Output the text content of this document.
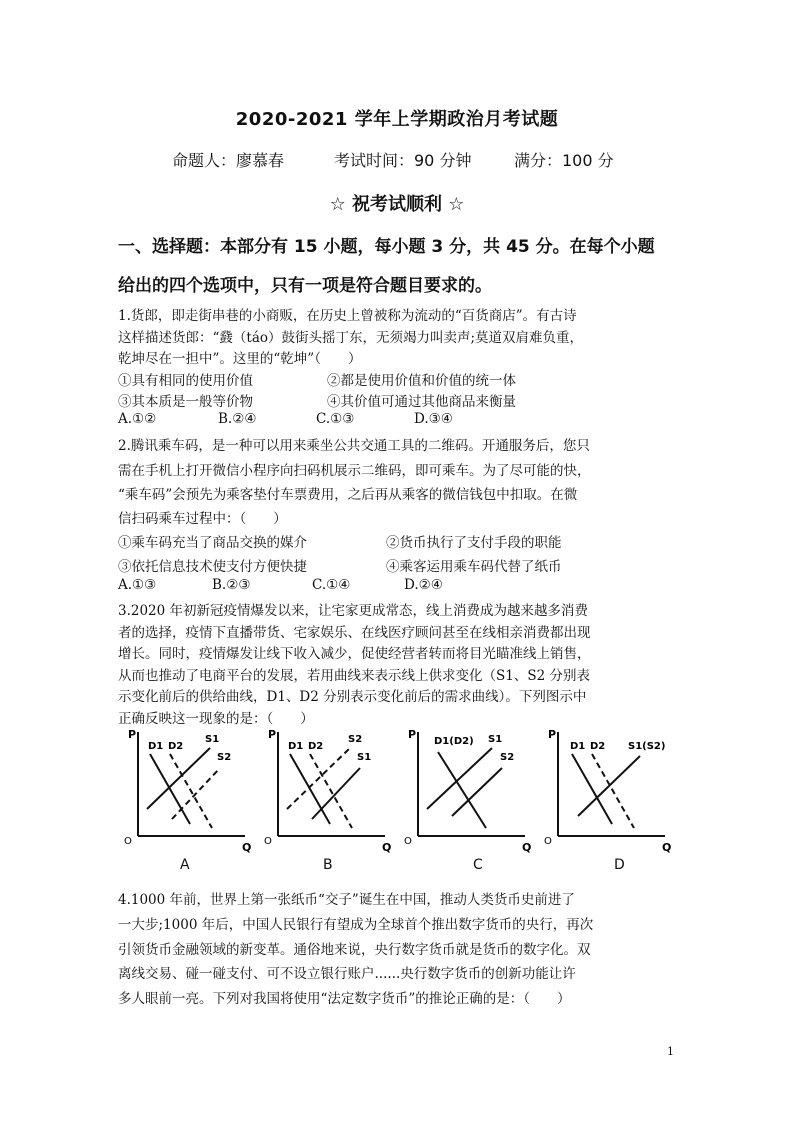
2020-2021 学年上学期政治月考试题
命题人：廖慕春	考试时间：90 分钟	满分：100 分
☆ 祝考试顺利 ☆
一、选择题：本部分有 15 小题，每小题 3 分，共 45 分。在每个小题
给出的四个选项中，只有一项是符合题目要求的。
1.货郎，即走街串巷的小商贩，在历史上曾被称为流动的“百货商店”。有古诗
这样描述货郎：“鼗（táo）鼓街头摇丁东，无须竭力叫卖声;莫道双肩难负重，
乾坤尽在一担中”。这里的“乾坤”（　　）
①具有相同的使用价值	②都是使用价值和价值的统一体
③其本质是一般等价物	④其价值可通过其他商品来衡量
A.①②	B.②④	C.①③	D.③④
2.腾讯乘车码，是一种可以用来乘坐公共交通工具的二维码。开通服务后，您只
需在手机上打开微信小程序向扫码机展示二维码，即可乘车。为了尽可能的快，
“乘车码”会预先为乘客垫付车票费用，之后再从乘客的微信钱包中扣取。在微
信扫码乘车过程中：（　　）
①乘车码充当了商品交换的媒介	②货币执行了支付手段的职能
③依托信息技术使支付方便快捷	④乘客运用乘车码代替了纸币
A.①③	B.②③	C.①④	D.②④
3.2020 年初新冠疫情爆发以来，让宅家更成常态，线上消费成为越来越多消费
者的选择，疫情下直播带货、宅家娱乐、在线医疗顾问甚至在线相亲消费都出现
增长。同时，疫情爆发让线下收入减少，促使经营者转而将目光瞄准线上销售，
从而也推动了电商平台的发展，若用曲线来表示线上供求变化（S1、S2 分别表
示变化前后的供给曲线，D1、D2 分别表示变化前后的需求曲线）。下列图示中
正确反映这一现象的是：（　　）
P
O	Q
D1 D2
S1
S2
A
P
O	Q
D1 D2
S2
S1
B
P
O	Q
D1(D2) S1
S2
C
P
O	Q
D1 D2 S1(S2)
D
4.1000 年前，世界上第一张纸币“交子”诞生在中国，推动人类货币史前进了
一大步;1000 年后，中国人民银行有望成为全球首个推出数字货币的央行，再次
引领货币金融领域的新变革。通俗地来说，央行数字货币就是货币的数字化。双
离线交易、碰一碰支付、可不设立银行账户......央行数字货币的创新功能让许
多人眼前一亮。下列对我国将使用“法定数字货币”的推论正确的是：（　　）
1
